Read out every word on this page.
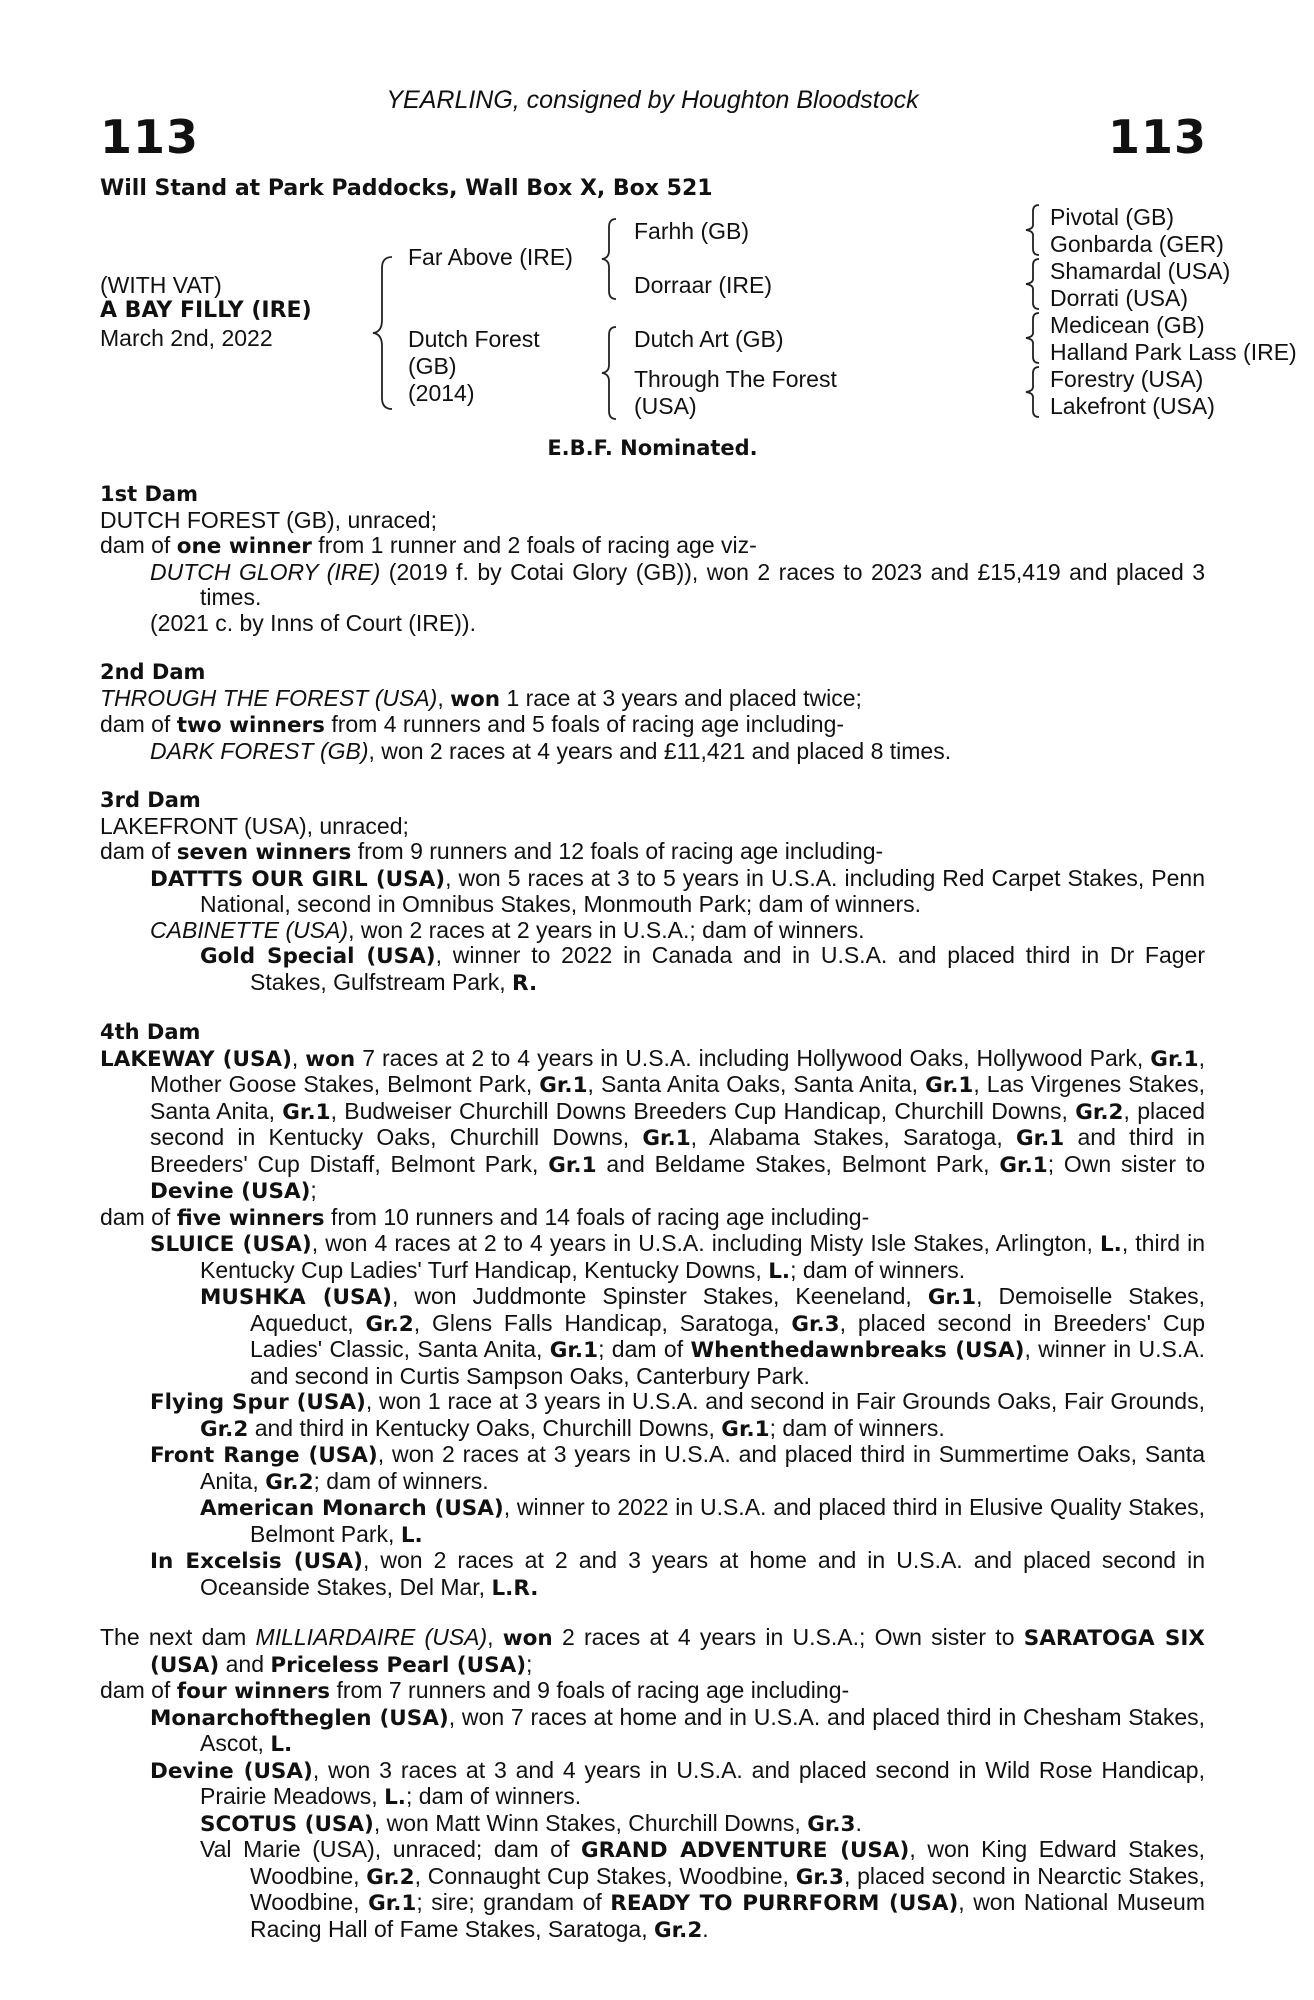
YEARLING, consigned by Houghton Bloodstock
113	113
Will Stand at Park Paddocks, Wall Box X, Box 521
(WITH VAT)
A BAY FILLY (IRE)
March 2nd, 2022
Far Above (IRE)
Dutch Forest
(GB)
(2014)
Farhh (GB)
Dorraar (IRE)
Dutch Art (GB)
Through The Forest
(USA)
Pivotal (GB)
Gonbarda (GER)
Shamardal (USA)
Dorrati (USA)
Medicean (GB)
Halland Park Lass (IRE)
Forestry (USA)
Lakefront (USA)
E.B.F. Nominated.
1st Dam
DUTCH FOREST (GB), unraced;
dam of one winner from 1 runner and 2 foals of racing age viz-
DUTCH GLORY (IRE) (2019 f. by Cotai Glory (GB)), won 2 races to 2023 and £15,419 and placed 3 times.
(2021 c. by Inns of Court (IRE)).
2nd Dam
THROUGH THE FOREST (USA), won 1 race at 3 years and placed twice;
dam of two winners from 4 runners and 5 foals of racing age including-
DARK FOREST (GB), won 2 races at 4 years and £11,421 and placed 8 times.
3rd Dam
LAKEFRONT (USA), unraced;
dam of seven winners from 9 runners and 12 foals of racing age including-
DATTTS OUR GIRL (USA), won 5 races at 3 to 5 years in U.S.A. including Red Carpet Stakes, Penn National, second in Omnibus Stakes, Monmouth Park; dam of winners.
CABINETTE (USA), won 2 races at 2 years in U.S.A.; dam of winners.
Gold Special (USA), winner to 2022 in Canada and in U.S.A. and placed third in Dr Fager Stakes, Gulfstream Park, R.
4th Dam
LAKEWAY (USA), won 7 races at 2 to 4 years in U.S.A. including Hollywood Oaks, Hollywood Park, Gr.1, Mother Goose Stakes, Belmont Park, Gr.1, Santa Anita Oaks, Santa Anita, Gr.1, Las Virgenes Stakes, Santa Anita, Gr.1, Budweiser Churchill Downs Breeders Cup Handicap, Churchill Downs, Gr.2, placed second in Kentucky Oaks, Churchill Downs, Gr.1, Alabama Stakes, Saratoga, Gr.1 and third in Breeders' Cup Distaff, Belmont Park, Gr.1 and Beldame Stakes, Belmont Park, Gr.1; Own sister to Devine (USA);
dam of five winners from 10 runners and 14 foals of racing age including-
SLUICE (USA), won 4 races at 2 to 4 years in U.S.A. including Misty Isle Stakes, Arlington, L., third in Kentucky Cup Ladies' Turf Handicap, Kentucky Downs, L.; dam of winners.
MUSHKA (USA), won Juddmonte Spinster Stakes, Keeneland, Gr.1, Demoiselle Stakes, Aqueduct, Gr.2, Glens Falls Handicap, Saratoga, Gr.3, placed second in Breeders' Cup Ladies' Classic, Santa Anita, Gr.1; dam of Whenthedawnbreaks (USA), winner in U.S.A. and second in Curtis Sampson Oaks, Canterbury Park.
Flying Spur (USA), won 1 race at 3 years in U.S.A. and second in Fair Grounds Oaks, Fair Grounds, Gr.2 and third in Kentucky Oaks, Churchill Downs, Gr.1; dam of winners.
Front Range (USA), won 2 races at 3 years in U.S.A. and placed third in Summertime Oaks, Santa Anita, Gr.2; dam of winners.
American Monarch (USA), winner to 2022 in U.S.A. and placed third in Elusive Quality Stakes, Belmont Park, L.
In Excelsis (USA), won 2 races at 2 and 3 years at home and in U.S.A. and placed second in Oceanside Stakes, Del Mar, L.R.
The next dam MILLIARDAIRE (USA), won 2 races at 4 years in U.S.A.; Own sister to SARATOGA SIX (USA) and Priceless Pearl (USA);
dam of four winners from 7 runners and 9 foals of racing age including-
Monarchoftheglen (USA), won 7 races at home and in U.S.A. and placed third in Chesham Stakes, Ascot, L.
Devine (USA), won 3 races at 3 and 4 years in U.S.A. and placed second in Wild Rose Handicap, Prairie Meadows, L.; dam of winners.
SCOTUS (USA), won Matt Winn Stakes, Churchill Downs, Gr.3.
Val Marie (USA), unraced; dam of GRAND ADVENTURE (USA), won King Edward Stakes, Woodbine, Gr.2, Connaught Cup Stakes, Woodbine, Gr.3, placed second in Nearctic Stakes, Woodbine, Gr.1; sire; grandam of READY TO PURRFORM (USA), won National Museum Racing Hall of Fame Stakes, Saratoga, Gr.2.
